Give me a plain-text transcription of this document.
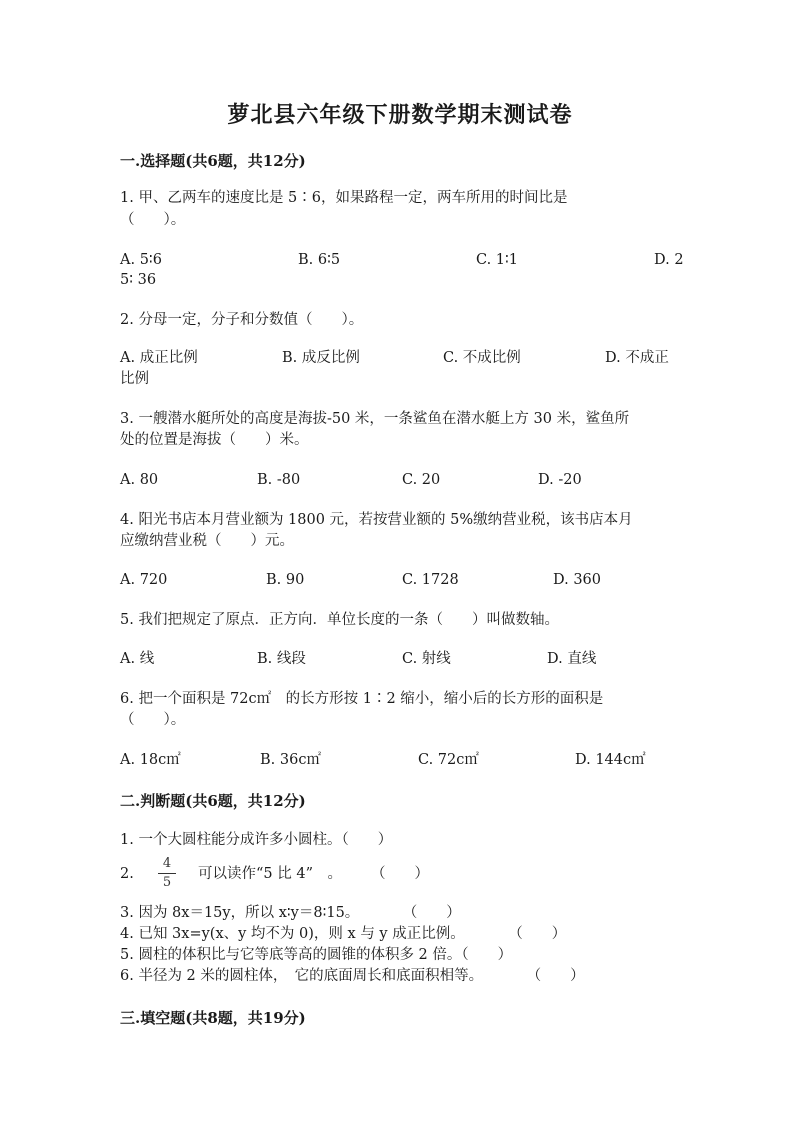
萝北县六年级下册数学期末测试卷
一.选择题(共6题，共12分)
1. 甲、乙两车的速度比是 5∶6，如果路程一定，两车所用的时间比是
（　　）。
A. 5∶6	B. 6∶5	C. 1∶1	D. 2
5∶ 36
2. 分母一定，分子和分数值（　　）。
A. 成正比例	B. 成反比例	C. 不成比例	D. 不成正
比例
3. 一艘潜水艇所处的高度是海拔-50 米，一条鲨鱼在潜水艇上方 30 米，鲨鱼所
处的位置是海拔（　　）米。
A. 80	B. -80	C. 20	D. -20
4. 阳光书店本月营业额为 1800 元，若按营业额的 5%缴纳营业税，该书店本月
应缴纳营业税（　　）元。
A. 720	B. 90	C. 1728	D. 360
5. 我们把规定了原点．正方向．单位长度的一条（　　）叫做数轴。
A. 线	B. 线段	C. 射线	D. 直线
6. 把一个面积是 72c㎡　的长方形按 1∶2 缩小，缩小后的长方形的面积是
（　　）。
A. 18c㎡	B. 36c㎡	C. 72c㎡	D. 144c㎡
二.判断题(共6题，共12分)
1. 一个大圆柱能分成许多小圆柱。（　　）
2.
4
5
可以读作“5 比 4”　。　　　（　　）
3. 因为 8x＝15y，所以 x∶y＝8∶15。　　　　（　　）
4. 已知 3x=y(x、y 均不为 0)，则 x 与 y 成正比例。　　　　（　　）
5. 圆柱的体积比与它等底等高的圆锥的体积多 2 倍。（　　）
6. 半径为 2 米的圆柱体，　它的底面周长和底面积相等。　　　　（　　）
三.填空题(共8题，共19分)
